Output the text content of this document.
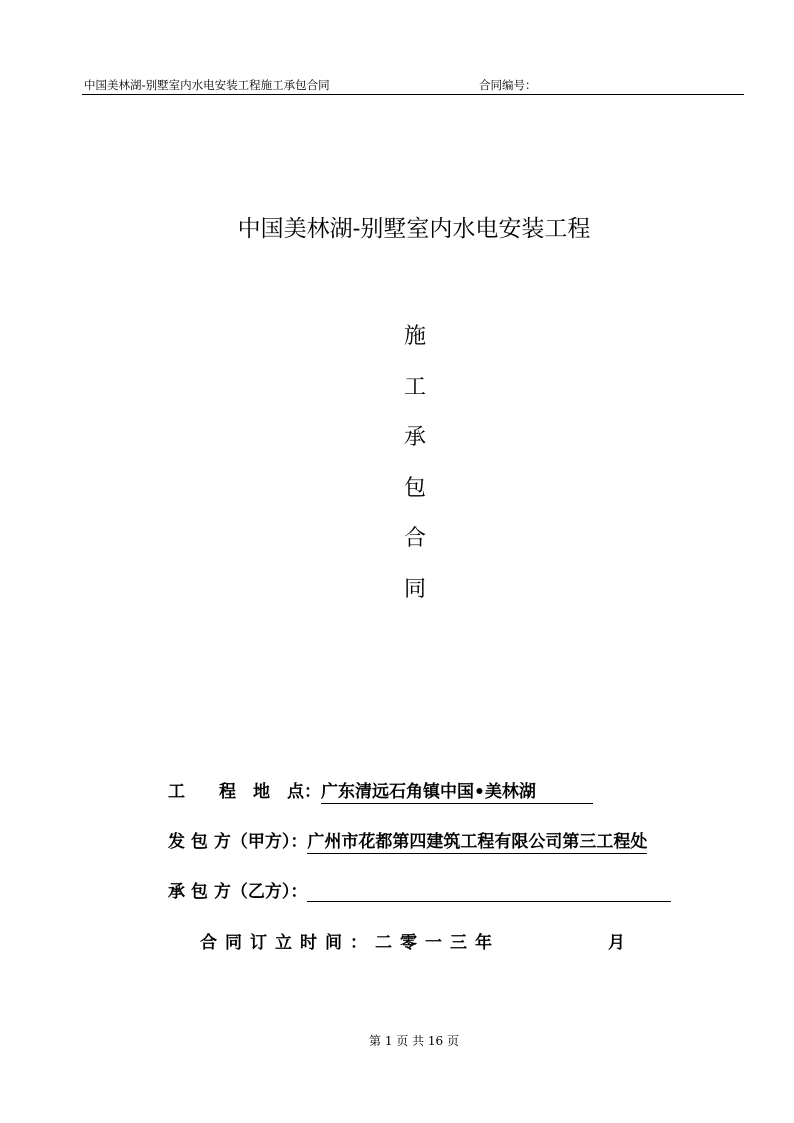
中国美林湖-别墅室内水电安装工程施工承包合同	合同编号：
中国美林湖-别墅室内水电安装工程
施
工
承
包
合
同
工　　程　地　点：广东清远石角镇中国•美林湖
发 包 方（甲方）：广州市花都第四建筑工程有限公司第三工程处
承 包 方（乙方）：
合同订立时间：二零一三年	月
第 1 页 共 16 页
